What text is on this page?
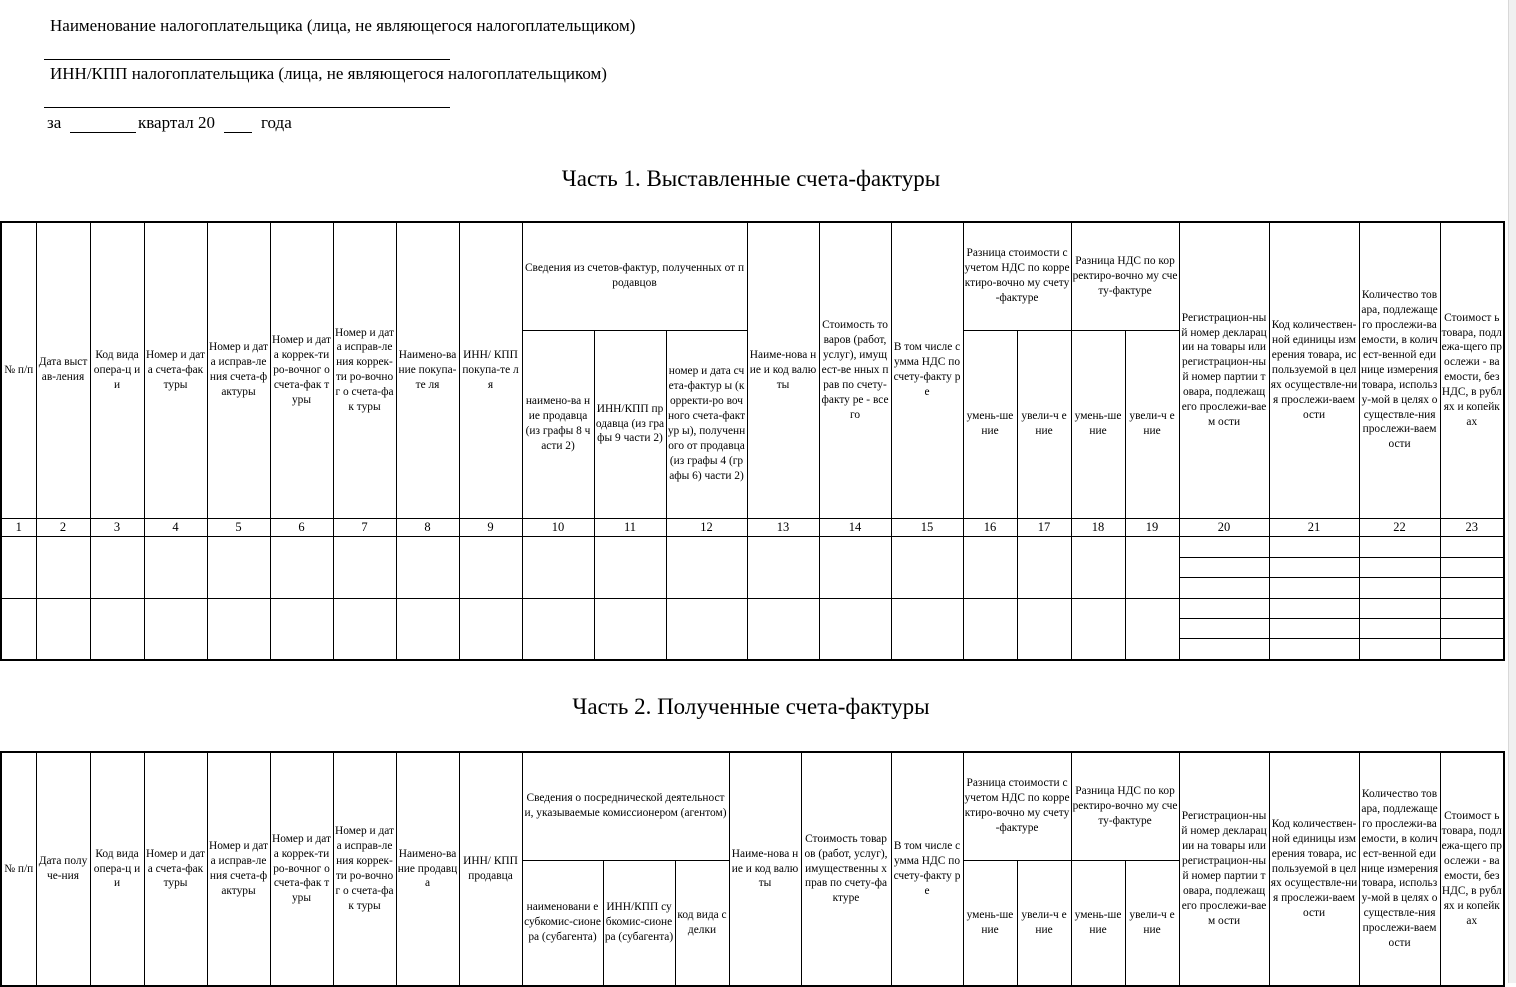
Наименование налогоплательщика (лица, не являющегося налогоплательщиком)
ИНН/КПП налогоплательщика (лица, не являющегося налогоплательщиком)
за	квартал 20	года
Часть 1. Выставленные счета-фактуры
№ п/п	Дата выстав-ления	Код вида опера-ц ии	Номер и дата счета-фак туры	Номер и дата исправ-ле ния счета-фактуры	Номер и дата коррек-ти ро-вочног о счета-фак туры	Номер и дата исправ-ле ния коррек-ти ро-вочног о счета-фак туры	Наимено-вание покупа-те ля	ИНН/ КПП покупа-те ля	Сведения из счетов-фактур, полученных от продавцов			Наиме-нова ние и код валюты	Стоимость товаров (работ, услуг), имущест-ве нных прав по счету-факту ре - всего	В том числе сумма НДС по счету-факту ре	Разница стоимости с учетом НДС по корректиро-вочно му счету-фактуре		Разница НДС по корректиро-вочно му счету-фактуре		Регистрацион-ный номер декларации на товары или регистрацион-ный номер партии товара, подлежащего прослежи-ваем ости	Код количествен-ной единицы измерения товара, используемой в целях осуществле-ния прослежи-ваемости	Количество товара, подлежащего прослежи-ваемости, в количест-венной единице измерения товара, использу-мой в целях осуществле-ния прослежи-ваемости	Стоимост ь товара, подлежа-щего прослежи - ваемости, без НДС, в рублях и копейках
									наимено-ва ние продавца (из графы 8 части 2)	ИНН/КПП продавца (из графы 9 части 2)	номер и дата счета-фактур ы (корректи-ро вочного счета-фактур ы), полученного от продавца (из графы 4 (графы 6) части 2)				умень-шение	увели-ч ение	умень-шение	увели-ч ение				
1	2	3	4	5	6	7	8	9	10	11	12	13	14	15	16	17	18	19	20	21	22	23

Часть 2. Полученные счета-фактуры
№ п/п	Дата получе-ния	Код вида опера-ц ии	Номер и дата счета-фак туры	Номер и дата исправ-ле ния счета-фактуры	Номер и дата коррек-ти ро-вочног о счета-фак туры	Номер и дата исправ-ле ния коррек-ти ро-вочног о счета-фак туры	Наимено-вание продавца	ИНН/ КПП продавца	Сведения о посреднической деятельности, указываемые комиссионером (агентом)			Наиме-нова ние и код валюты	Стоимость товаров (работ, услуг), имущественны х прав по счету-фактуре	В том числе сумма НДС по счету-факту ре	Разница стоимости с учетом НДС по корректиро-вочно му счету-фактуре		Разница НДС по корректиро-вочно му счету-фактуре		Регистрацион-ный номер декларации на товары или регистрацион-ный номер партии товара, подлежащего прослежи-ваем ости	Код количествен-ной единицы измерения товара, используемой в целях осуществле-ния прослежи-ваемости	Количество товара, подлежащего прослежи-ваемости, в количест-венной единице измерения товара, использу-мой в целях осуществле-ния прослежи-ваемости	Стоимост ь товара, подлежа-щего прослежи - ваемости, без НДС, в рублях и копейках
									наименовани е субкомис-сионера (субагента)	ИНН/КПП субкомис-сионера (субагента)	код вида сделки				умень-шение	увели-ч ение	умень-шение	увели-ч ение				
